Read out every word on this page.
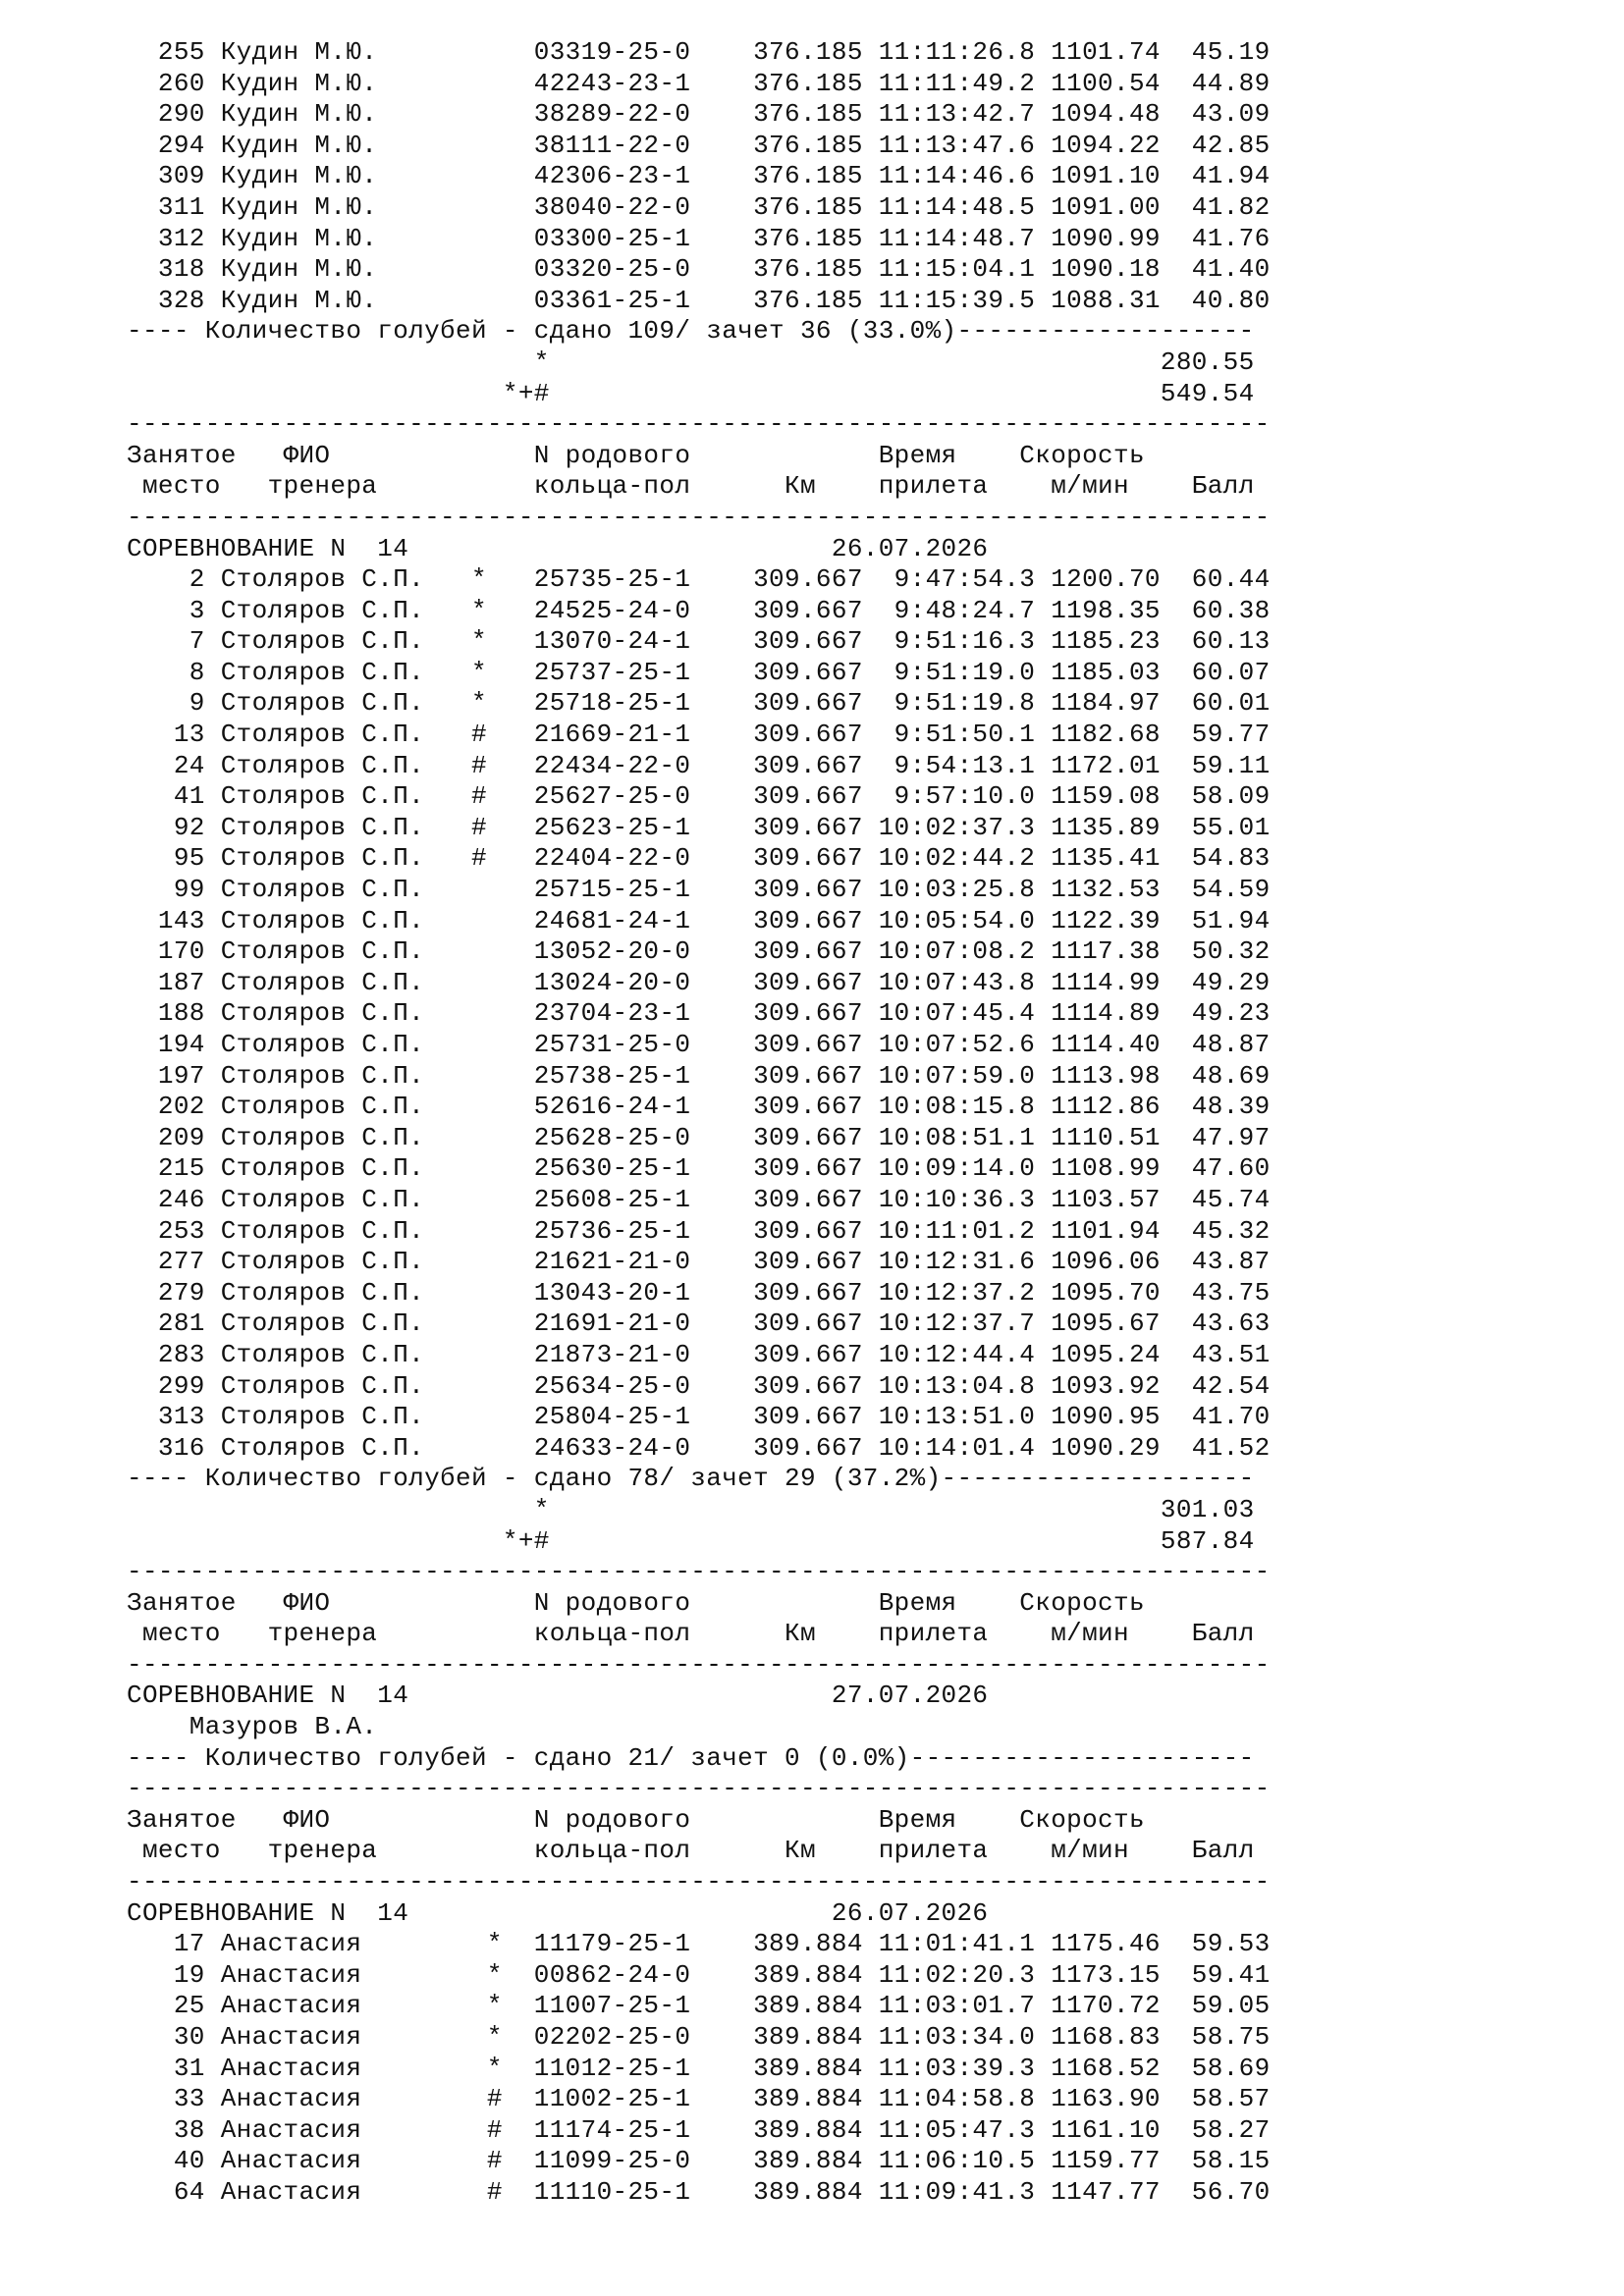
255 Кудин М.Ю.          03319-25-0    376.185 11:11:26.8 1101.74  45.19
260 Кудин М.Ю.          42243-23-1    376.185 11:11:49.2 1100.54  44.89
290 Кудин М.Ю.          38289-22-0    376.185 11:13:42.7 1094.48  43.09
294 Кудин М.Ю.          38111-22-0    376.185 11:13:47.6 1094.22  42.85
309 Кудин М.Ю.          42306-23-1    376.185 11:14:46.6 1091.10  41.94
311 Кудин М.Ю.          38040-22-0    376.185 11:14:48.5 1091.00  41.82
312 Кудин М.Ю.          03300-25-1    376.185 11:14:48.7 1090.99  41.76
318 Кудин М.Ю.          03320-25-0    376.185 11:15:04.1 1090.18  41.40
328 Кудин М.Ю.          03361-25-1    376.185 11:15:39.5 1088.31  40.80
---- Количество голубей - сдано 109/ зачет 36 (33.0%)-------------------
*                                       280.55
*+#                                       549.54
-------------------------------------------------------------------------
Занятое   ФИО             N родового            Время    Скорость
место   тренера          кольца-пол      Км    прилета    м/мин    Балл
-------------------------------------------------------------------------
СОРЕВНОВАНИЕ N  14                           26.07.2026
2 Столяров С.П.   *   25735-25-1    309.667  9:47:54.3 1200.70  60.44
3 Столяров С.П.   *   24525-24-0    309.667  9:48:24.7 1198.35  60.38
7 Столяров С.П.   *   13070-24-1    309.667  9:51:16.3 1185.23  60.13
8 Столяров С.П.   *   25737-25-1    309.667  9:51:19.0 1185.03  60.07
9 Столяров С.П.   *   25718-25-1    309.667  9:51:19.8 1184.97  60.01
13 Столяров С.П.   #   21669-21-1    309.667  9:51:50.1 1182.68  59.77
24 Столяров С.П.   #   22434-22-0    309.667  9:54:13.1 1172.01  59.11
41 Столяров С.П.   #   25627-25-0    309.667  9:57:10.0 1159.08  58.09
92 Столяров С.П.   #   25623-25-1    309.667 10:02:37.3 1135.89  55.01
95 Столяров С.П.   #   22404-22-0    309.667 10:02:44.2 1135.41  54.83
99 Столяров С.П.       25715-25-1    309.667 10:03:25.8 1132.53  54.59
143 Столяров С.П.       24681-24-1    309.667 10:05:54.0 1122.39  51.94
170 Столяров С.П.       13052-20-0    309.667 10:07:08.2 1117.38  50.32
187 Столяров С.П.       13024-20-0    309.667 10:07:43.8 1114.99  49.29
188 Столяров С.П.       23704-23-1    309.667 10:07:45.4 1114.89  49.23
194 Столяров С.П.       25731-25-0    309.667 10:07:52.6 1114.40  48.87
197 Столяров С.П.       25738-25-1    309.667 10:07:59.0 1113.98  48.69
202 Столяров С.П.       52616-24-1    309.667 10:08:15.8 1112.86  48.39
209 Столяров С.П.       25628-25-0    309.667 10:08:51.1 1110.51  47.97
215 Столяров С.П.       25630-25-1    309.667 10:09:14.0 1108.99  47.60
246 Столяров С.П.       25608-25-1    309.667 10:10:36.3 1103.57  45.74
253 Столяров С.П.       25736-25-1    309.667 10:11:01.2 1101.94  45.32
277 Столяров С.П.       21621-21-0    309.667 10:12:31.6 1096.06  43.87
279 Столяров С.П.       13043-20-1    309.667 10:12:37.2 1095.70  43.75
281 Столяров С.П.       21691-21-0    309.667 10:12:37.7 1095.67  43.63
283 Столяров С.П.       21873-21-0    309.667 10:12:44.4 1095.24  43.51
299 Столяров С.П.       25634-25-0    309.667 10:13:04.8 1093.92  42.54
313 Столяров С.П.       25804-25-1    309.667 10:13:51.0 1090.95  41.70
316 Столяров С.П.       24633-24-0    309.667 10:14:01.4 1090.29  41.52
---- Количество голубей - сдано 78/ зачет 29 (37.2%)--------------------
*                                       301.03
*+#                                       587.84
-------------------------------------------------------------------------
Занятое   ФИО             N родового            Время    Скорость
место   тренера          кольца-пол      Км    прилета    м/мин    Балл
-------------------------------------------------------------------------
СОРЕВНОВАНИЕ N  14                           27.07.2026
Мазуров В.А.
---- Количество голубей - сдано 21/ зачет 0 (0.0%)----------------------
-------------------------------------------------------------------------
Занятое   ФИО             N родового            Время    Скорость
место   тренера          кольца-пол      Км    прилета    м/мин    Балл
-------------------------------------------------------------------------
СОРЕВНОВАНИЕ N  14                           26.07.2026
17 Анастасия        *  11179-25-1    389.884 11:01:41.1 1175.46  59.53
19 Анастасия        *  00862-24-0    389.884 11:02:20.3 1173.15  59.41
25 Анастасия        *  11007-25-1    389.884 11:03:01.7 1170.72  59.05
30 Анастасия        *  02202-25-0    389.884 11:03:34.0 1168.83  58.75
31 Анастасия        *  11012-25-1    389.884 11:03:39.3 1168.52  58.69
33 Анастасия        #  11002-25-1    389.884 11:04:58.8 1163.90  58.57
38 Анастасия        #  11174-25-1    389.884 11:05:47.3 1161.10  58.27
40 Анастасия        #  11099-25-0    389.884 11:06:10.5 1159.77  58.15
64 Анастасия        #  11110-25-1    389.884 11:09:41.3 1147.77  56.70
